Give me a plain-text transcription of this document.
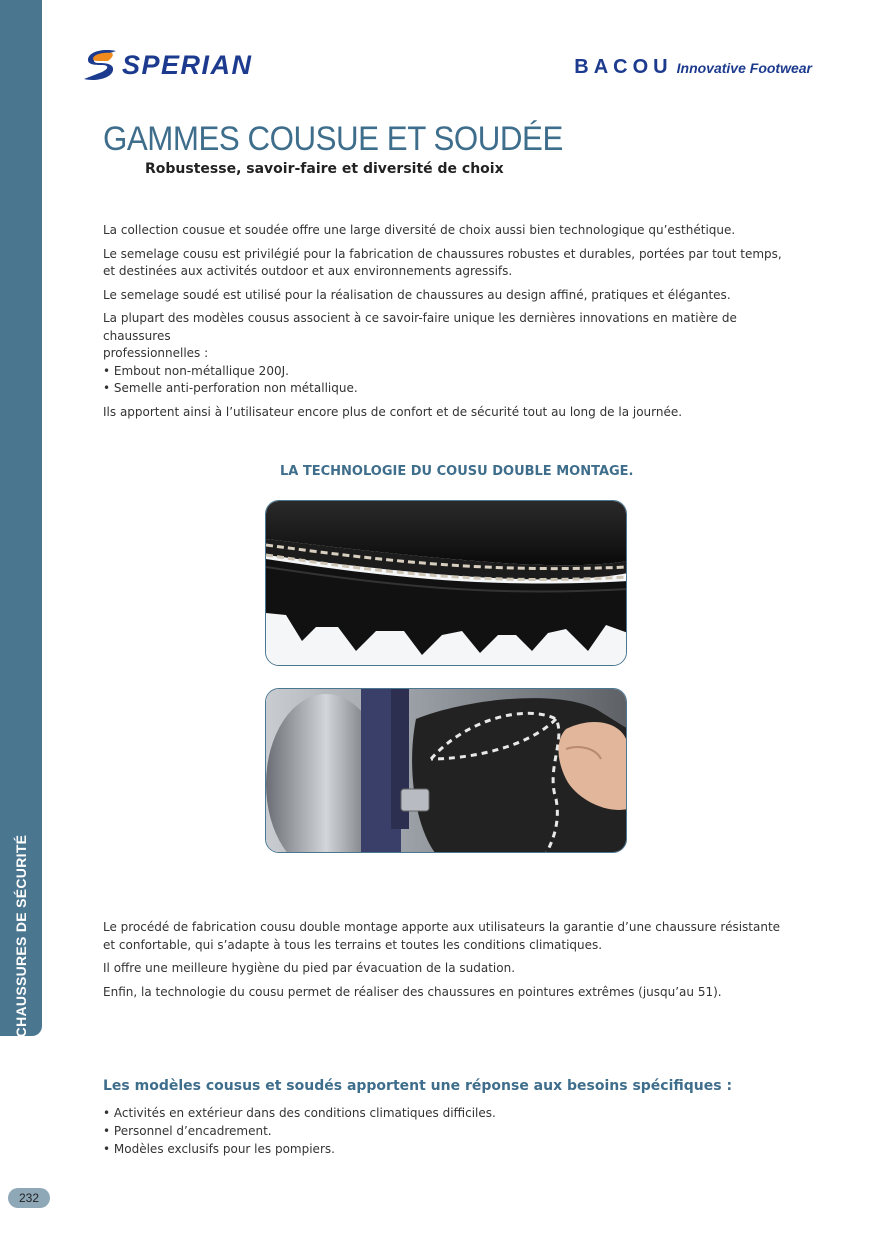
CHAUSSURES DE SÉCURITÉ
232
SPERIAN	BACOU Innovative Footwear
GAMMES COUSUE ET SOUDÉE
Robustesse, savoir-faire et diversité de choix

La collection cousue et soudée offre une large diversité de choix aussi bien technologique qu’esthétique.

Le semelage cousu est privilégié pour la fabrication de chaussures robustes et durables, portées par tout temps,
et destinées aux activités outdoor et aux environnements agressifs.

Le semelage soudé est utilisé pour la réalisation de chaussures au design affiné, pratiques et élégantes.

La plupart des modèles cousus associent à ce savoir-faire unique les dernières innovations en matière de chaussures
professionnelles :
• Embout non-métallique 200J.
• Semelle anti-perforation non métallique.

Ils apportent ainsi à l’utilisateur encore plus de confort et de sécurité tout au long de la journée.

LA TECHNOLOGIE DU COUSU DOUBLE MONTAGE.

Le procédé de fabrication cousu double montage apporte aux utilisateurs la garantie d’une chaussure résistante
et confortable, qui s’adapte à tous les terrains et toutes les conditions climatiques.

Il offre une meilleure hygiène du pied par évacuation de la sudation.

Enfin, la technologie du cousu permet de réaliser des chaussures en pointures extrêmes (jusqu’au 51).

Les modèles cousus et soudés apportent une réponse aux besoins spécifiques :
• Activités en extérieur dans des conditions climatiques difficiles.
• Personnel d’encadrement.
• Modèles exclusifs pour les pompiers.
